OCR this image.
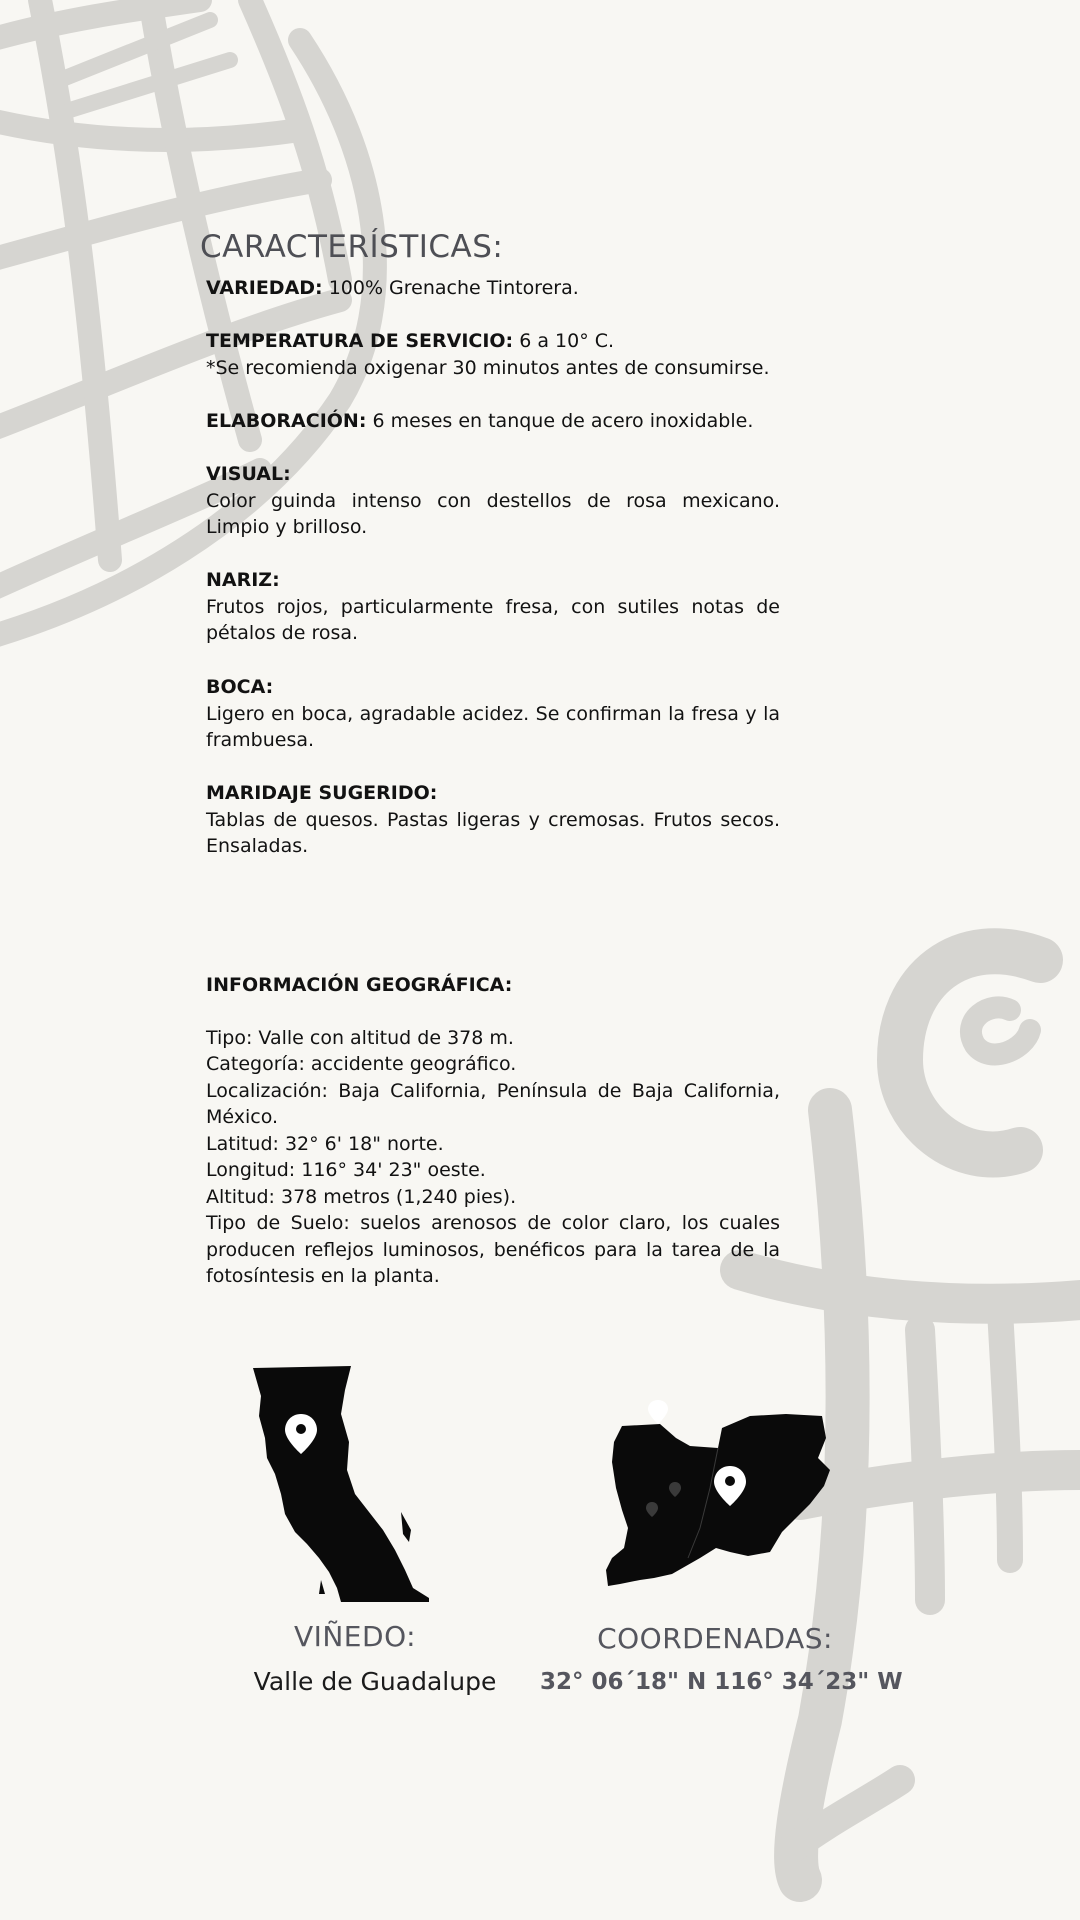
CARACTERÍSTICAS:
VARIEDAD: 100% Grenache Tintorera.
TEMPERATURA DE SERVICIO: 6 a 10° C.
*Se recomienda oxigenar 30 minutos antes de consumirse.
ELABORACIÓN: 6 meses en tanque de acero inoxidable.
VISUAL:
Color guinda intenso con destellos de rosa mexicano. Limpio y brilloso.
NARIZ:
Frutos rojos, particularmente fresa, con sutiles notas de pétalos de rosa.
BOCA:
Ligero en boca, agradable acidez. Se confirman la fresa y la frambuesa.
MARIDAJE SUGERIDO:
Tablas de quesos. Pastas ligeras y cremosas. Frutos secos. Ensaladas.
INFORMACIÓN GEOGRÁFICA:
Tipo: Valle con altitud de 378 m.
Categoría: accidente geográfico.
Localización: Baja California, Península de Baja California, México.
Latitud: 32° 6' 18" norte.
Longitud: 116° 34' 23" oeste.
Altitud: 378 metros (1,240 pies).
Tipo de Suelo: suelos arenosos de color claro, los cuales producen reflejos luminosos, benéficos para la tarea de la fotosíntesis en la planta.
VIÑEDO:
Valle de Guadalupe
COORDENADAS:
32° 06´18" N 116° 34´23" W
